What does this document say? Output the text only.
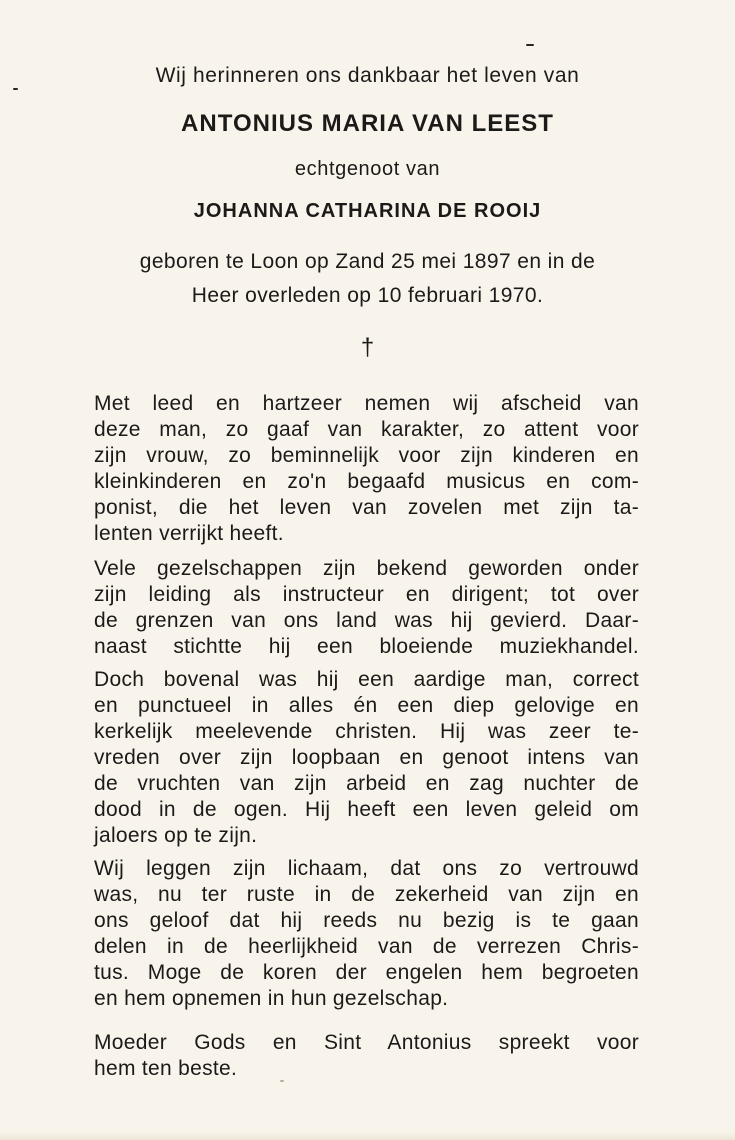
Wij herinneren ons dankbaar het leven van
ANTONIUS MARIA VAN LEEST
echtgenoot van
JOHANNA CATHARINA DE ROOIJ
geboren te Loon op Zand 25 mei 1897 en in de
Heer overleden op 10 februari 1970.
†
Met leed en hartzeer nemen wij afscheid van
deze man, zo gaaf van karakter, zo attent voor
zijn vrouw, zo beminnelijk voor zijn kinderen en
kleinkinderen en zo'n begaafd musicus en com-
ponist, die het leven van zovelen met zijn ta-
lenten verrijkt heeft.
Vele gezelschappen zijn bekend geworden onder
zijn leiding als instructeur en dirigent; tot over
de grenzen van ons land was hij gevierd. Daar-
naast stichtte hij een bloeiende muziekhandel.
Doch bovenal was hij een aardige man, correct
en punctueel in alles én een diep gelovige en
kerkelijk meelevende christen. Hij was zeer te-
vreden over zijn loopbaan en genoot intens van
de vruchten van zijn arbeid en zag nuchter de
dood in de ogen. Hij heeft een leven geleid om
jaloers op te zijn.
Wij leggen zijn lichaam, dat ons zo vertrouwd
was, nu ter ruste in de zekerheid van zijn en
ons geloof dat hij reeds nu bezig is te gaan
delen in de heerlijkheid van de verrezen Chris-
tus. Moge de koren der engelen hem begroeten
en hem opnemen in hun gezelschap.
Moeder Gods en Sint Antonius spreekt voor
hem ten beste.
